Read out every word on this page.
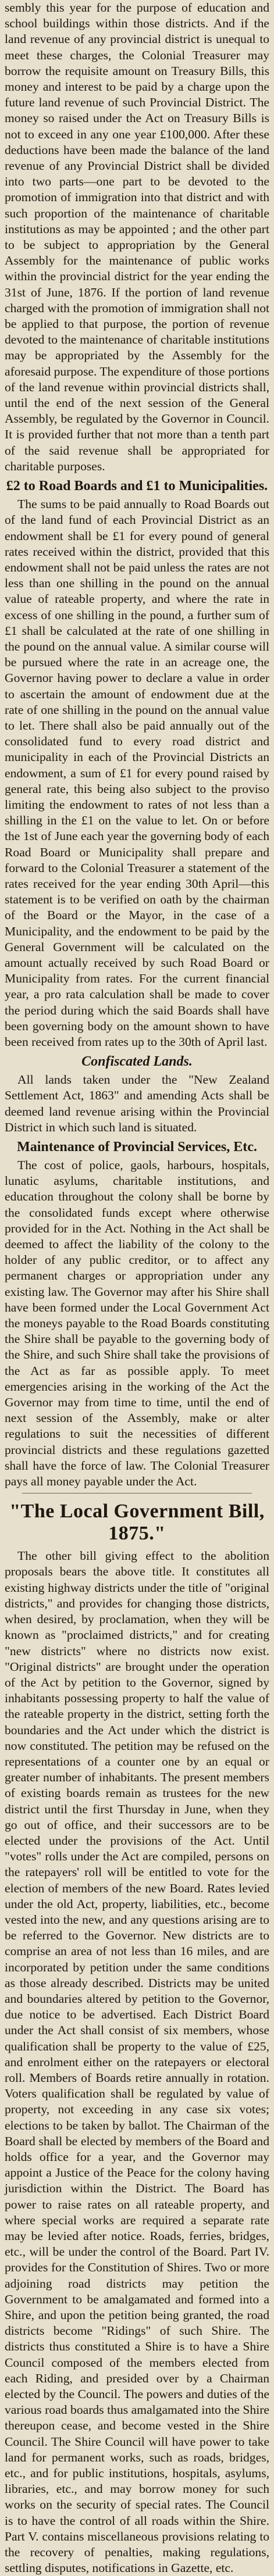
sembly this year for the purpose of education and school buildings within those districts. And if the land revenue of any provincial district is unequal to meet these charges, the Colonial Treasurer may borrow the requisite amount on Treasury Bills, this money and interest to be paid by a charge upon the future land revenue of such Provincial District. The money so raised under the Act on Treasury Bills is not to exceed in any one year £100,000. After these deductions have been made the balance of the land revenue of any Provincial District shall be divided into two parts—one part to be devoted to the promotion of immigration into that district and with such proportion of the maintenance of charitable institutions as may be appointed ; and the other part to be subject to appropriation by the General Assembly for the maintenance of public works within the provincial district for the year ending the 31st of June, 1876. If the portion of land revenue charged with the promotion of immigration shall not be applied to that purpose, the portion of revenue devoted to the maintenance of charitable institutions may be appropriated by the Assembly for the aforesaid purpose. The expenditure of those portions of the land revenue within provincial districts shall, until the end of the next session of the General Assembly, be regulated by the Governor in Council. It is provided further that not more than a tenth part of the said revenue shall be appropriated for charitable purposes.

£2 to Road Boards and £1 to Municipalities.

The sums to be paid annually to Road Boards out of the land fund of each Provincial District as an endowment shall be £1 for every pound of general rates received within the district, provided that this endowment shall not be paid unless the rates are not less than one shilling in the pound on the annual value of rateable property, and where the rate in excess of one shilling in the pound, a further sum of £1 shall be calculated at the rate of one shilling in the pound on the annual value. A similar course will be pursued where the rate in an acreage one, the Governor having power to declare a value in order to ascertain the amount of endowment due at the rate of one shilling in the pound on the annual value to let. There shall also be paid annually out of the consolidated fund to every road district and municipality in each of the Provincial Districts an endowment, a sum of £1 for every pound raised by general rate, this being also subject to the proviso limiting the endowment to rates of not less than a shilling in the £1 on the value to let. On or before the 1st of June each year the governing body of each Road Board or Municipality shall prepare and forward to the Colonial Treasurer a statement of the rates received for the year ending 30th April—this statement is to be verified on oath by the chairman of the Board or the Mayor, in the case of a Municipality, and the endowment to be paid by the General Government will be calculated on the amount actually received by such Road Board or Municipality from rates. For the current financial year, a pro rata calculation shall be made to cover the period during which the said Boards shall have been governing body on the amount shown to have been received from rates up to the 30th of April last.

Confiscated Lands.

All lands taken under the "New Zealand Settlement Act, 1863" and amending Acts shall be deemed land revenue arising within the Provincial District in which such land is situated.

Maintenance of Provincial Services, Etc.

The cost of police, gaols, harbours, hospitals, lunatic asylums, charitable institutions, and education throughout the colony shall be borne by the consolidated funds except where otherwise provided for in the Act. Nothing in the Act shall be deemed to affect the liability of the colony to the holder of any public creditor, or to affect any permanent charges or appropriation under any existing law. The Governor may after his Shire shall have been formed under the Local Government Act the moneys payable to the Road Boards constituting the Shire shall be payable to the governing body of the Shire, and such Shire shall take the provisions of the Act as far as possible apply. To meet emergencies arising in the working of the Act the Governor may from time to time, until the end of next session of the Assembly, make or alter regulations to suit the necessities of different provincial districts and these regulations gazetted shall have the force of law. The Colonial Treasurer pays all money payable under the Act.

"The Local Government Bill, 1875."

The other bill giving effect to the abolition proposals bears the above title. It constitutes all existing highway districts under the title of "original districts," and provides for changing those districts, when desired, by proclamation, when they will be known as "proclaimed districts," and for creating "new districts" where no districts now exist. "Original districts" are brought under the operation of the Act by petition to the Governor, signed by inhabitants possessing property to half the value of the rateable property in the district, setting forth the boundaries and the Act under which the district is now constituted. The petition may be refused on the representations of a counter one by an equal or greater number of inhabitants. The present members of existing boards remain as trustees for the new district until the first Thursday in June, when they go out of office, and their successors are to be elected under the provisions of the Act. Until "votes" rolls under the Act are compiled, persons on the ratepayers' roll will be entitled to vote for the election of members of the new Board. Rates levied under the old Act, property, liabilities, etc., become vested into the new, and any questions arising are to be referred to the Governor. New districts are to comprise an area of not less than 16 miles, and are incorporated by petition under the same conditions as those already described. Districts may be united and boundaries altered by petition to the Governor, due notice to be advertised. Each District Board under the Act shall consist of six members, whose qualification shall be property to the value of £25, and enrolment either on the ratepayers or electoral roll. Members of Boards retire annually in rotation. Voters qualification shall be regulated by value of property, not exceeding in any case six votes; elections to be taken by ballot. The Chairman of the Board shall be elected by members of the Board and holds office for a year, and the Governor may appoint a Justice of the Peace for the colony having jurisdiction within the District. The Board has power to raise rates on all rateable property, and where special works are required a separate rate may be levied after notice. Roads, ferries, bridges, etc., will be under the control of the Board. Part IV. provides for the Constitution of Shires. Two or more adjoining road districts may petition the Government to be amalgamated and formed into a Shire, and upon the petition being granted, the road districts become "Ridings" of such Shire. The districts thus constituted a Shire is to have a Shire Council composed of the members elected from each Riding, and presided over by a Chairman elected by the Council. The powers and duties of the various road boards thus amalgamated into the Shire thereupon cease, and become vested in the Shire Council. The Shire Council will have power to take land for permanent works, such as roads, bridges, etc., and for public institutions, hospitals, asylums, libraries, etc., and may borrow money for such works on the security of special rates. The Council is to have the control of all roads within the Shire. Part V. contains miscellaneous provisions relating to the recovery of penalties, making regulations, settling disputes, notifications in Gazette, etc.
